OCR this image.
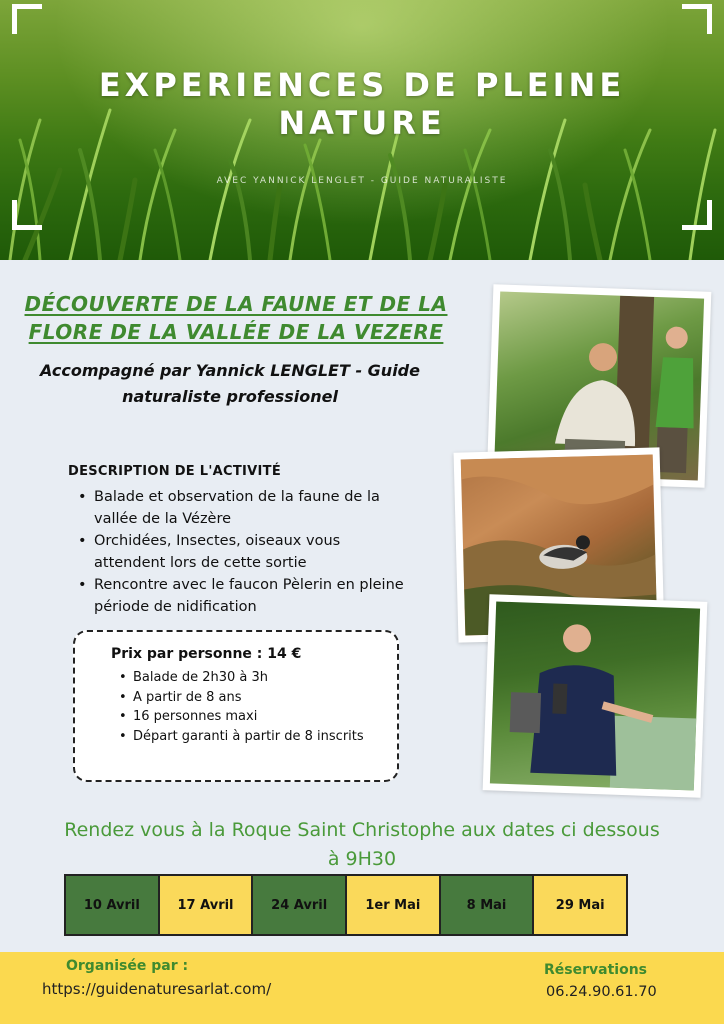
EXPERIENCES DE PLEINE NATURE
AVEC YANNICK LENGLET - GUIDE NATURALISTE
DÉCOUVERTE DE LA FAUNE ET DE LA FLORE DE LA VALLÉE DE LA VEZERE
Accompagné par Yannick LENGLET - Guide naturaliste professionel
DESCRIPTION DE L'ACTIVITÉ
• Balade et observation de la faune de la vallée de la Vézère
• Orchidées, Insectes, oiseaux vous attendent lors de cette sortie
• Rencontre avec le faucon Pèlerin en pleine période de nidification
Prix par personne : 14 €
• Balade de 2h30 à 3h
• A partir de 8 ans
• 16 personnes maxi
• Départ garanti à partir de 8 inscrits
Rendez vous à la Roque Saint Christophe aux dates ci dessous à 9H30
10 Avril	17 Avril	24 Avril	1er Mai	8 Mai	29 Mai
Organisée par :
https://guidenaturesarlat.com/
Réservations
06.24.90.61.70
